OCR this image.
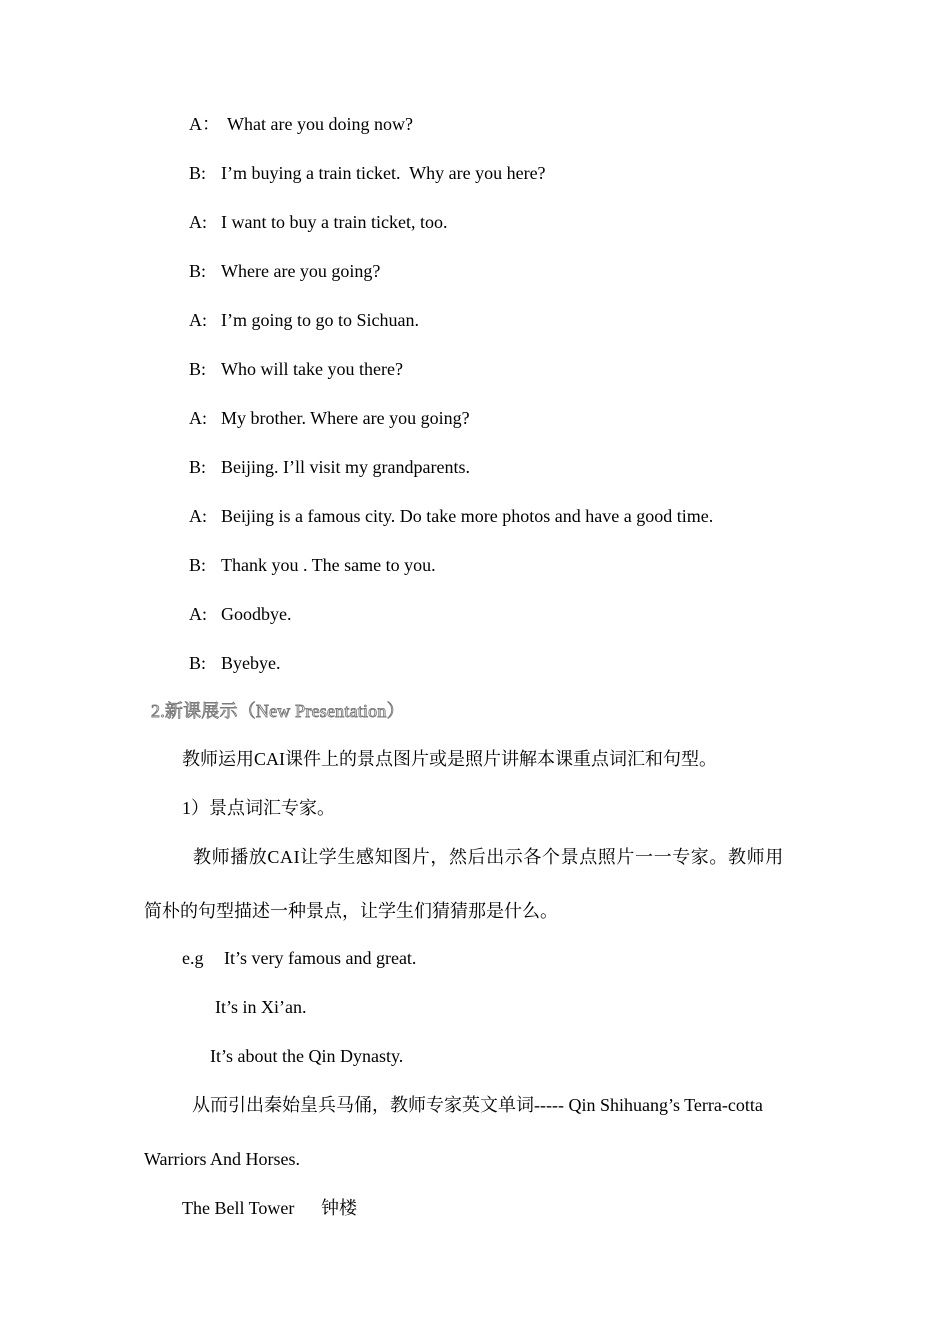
A： What are you doing now?
B: I’m buying a train ticket.  Why are you here?
A: I want to buy a train ticket, too.
B: Where are you going?
A: I’m going to go to Sichuan.
B: Who will take you there?
A: My brother. Where are you going?
B: Beijing. I’ll visit my grandparents.
A: Beijing is a famous city. Do take more photos and have a good time.
B: Thank you . The same to you.
A: Goodbye.
B: Byebye.
2.新课展示（New Presentation）
教师运用CAI课件上的景点图片或是照片讲解本课重点词汇和句型。
1）景点词汇专家。
教师播放CAI让学生感知图片，然后出示各个景点照片一一专家。教师用
简朴的句型描述一种景点，让学生们猜猜那是什么。
e.g It’s very famous and great.
It’s in Xi’an.
It’s about the Qin Dynasty.
从而引出秦始皇兵马俑，教师专家英文单词----- Qin Shihuang’s Terra-cotta
Warriors And Horses.
The Bell Tower 钟楼
